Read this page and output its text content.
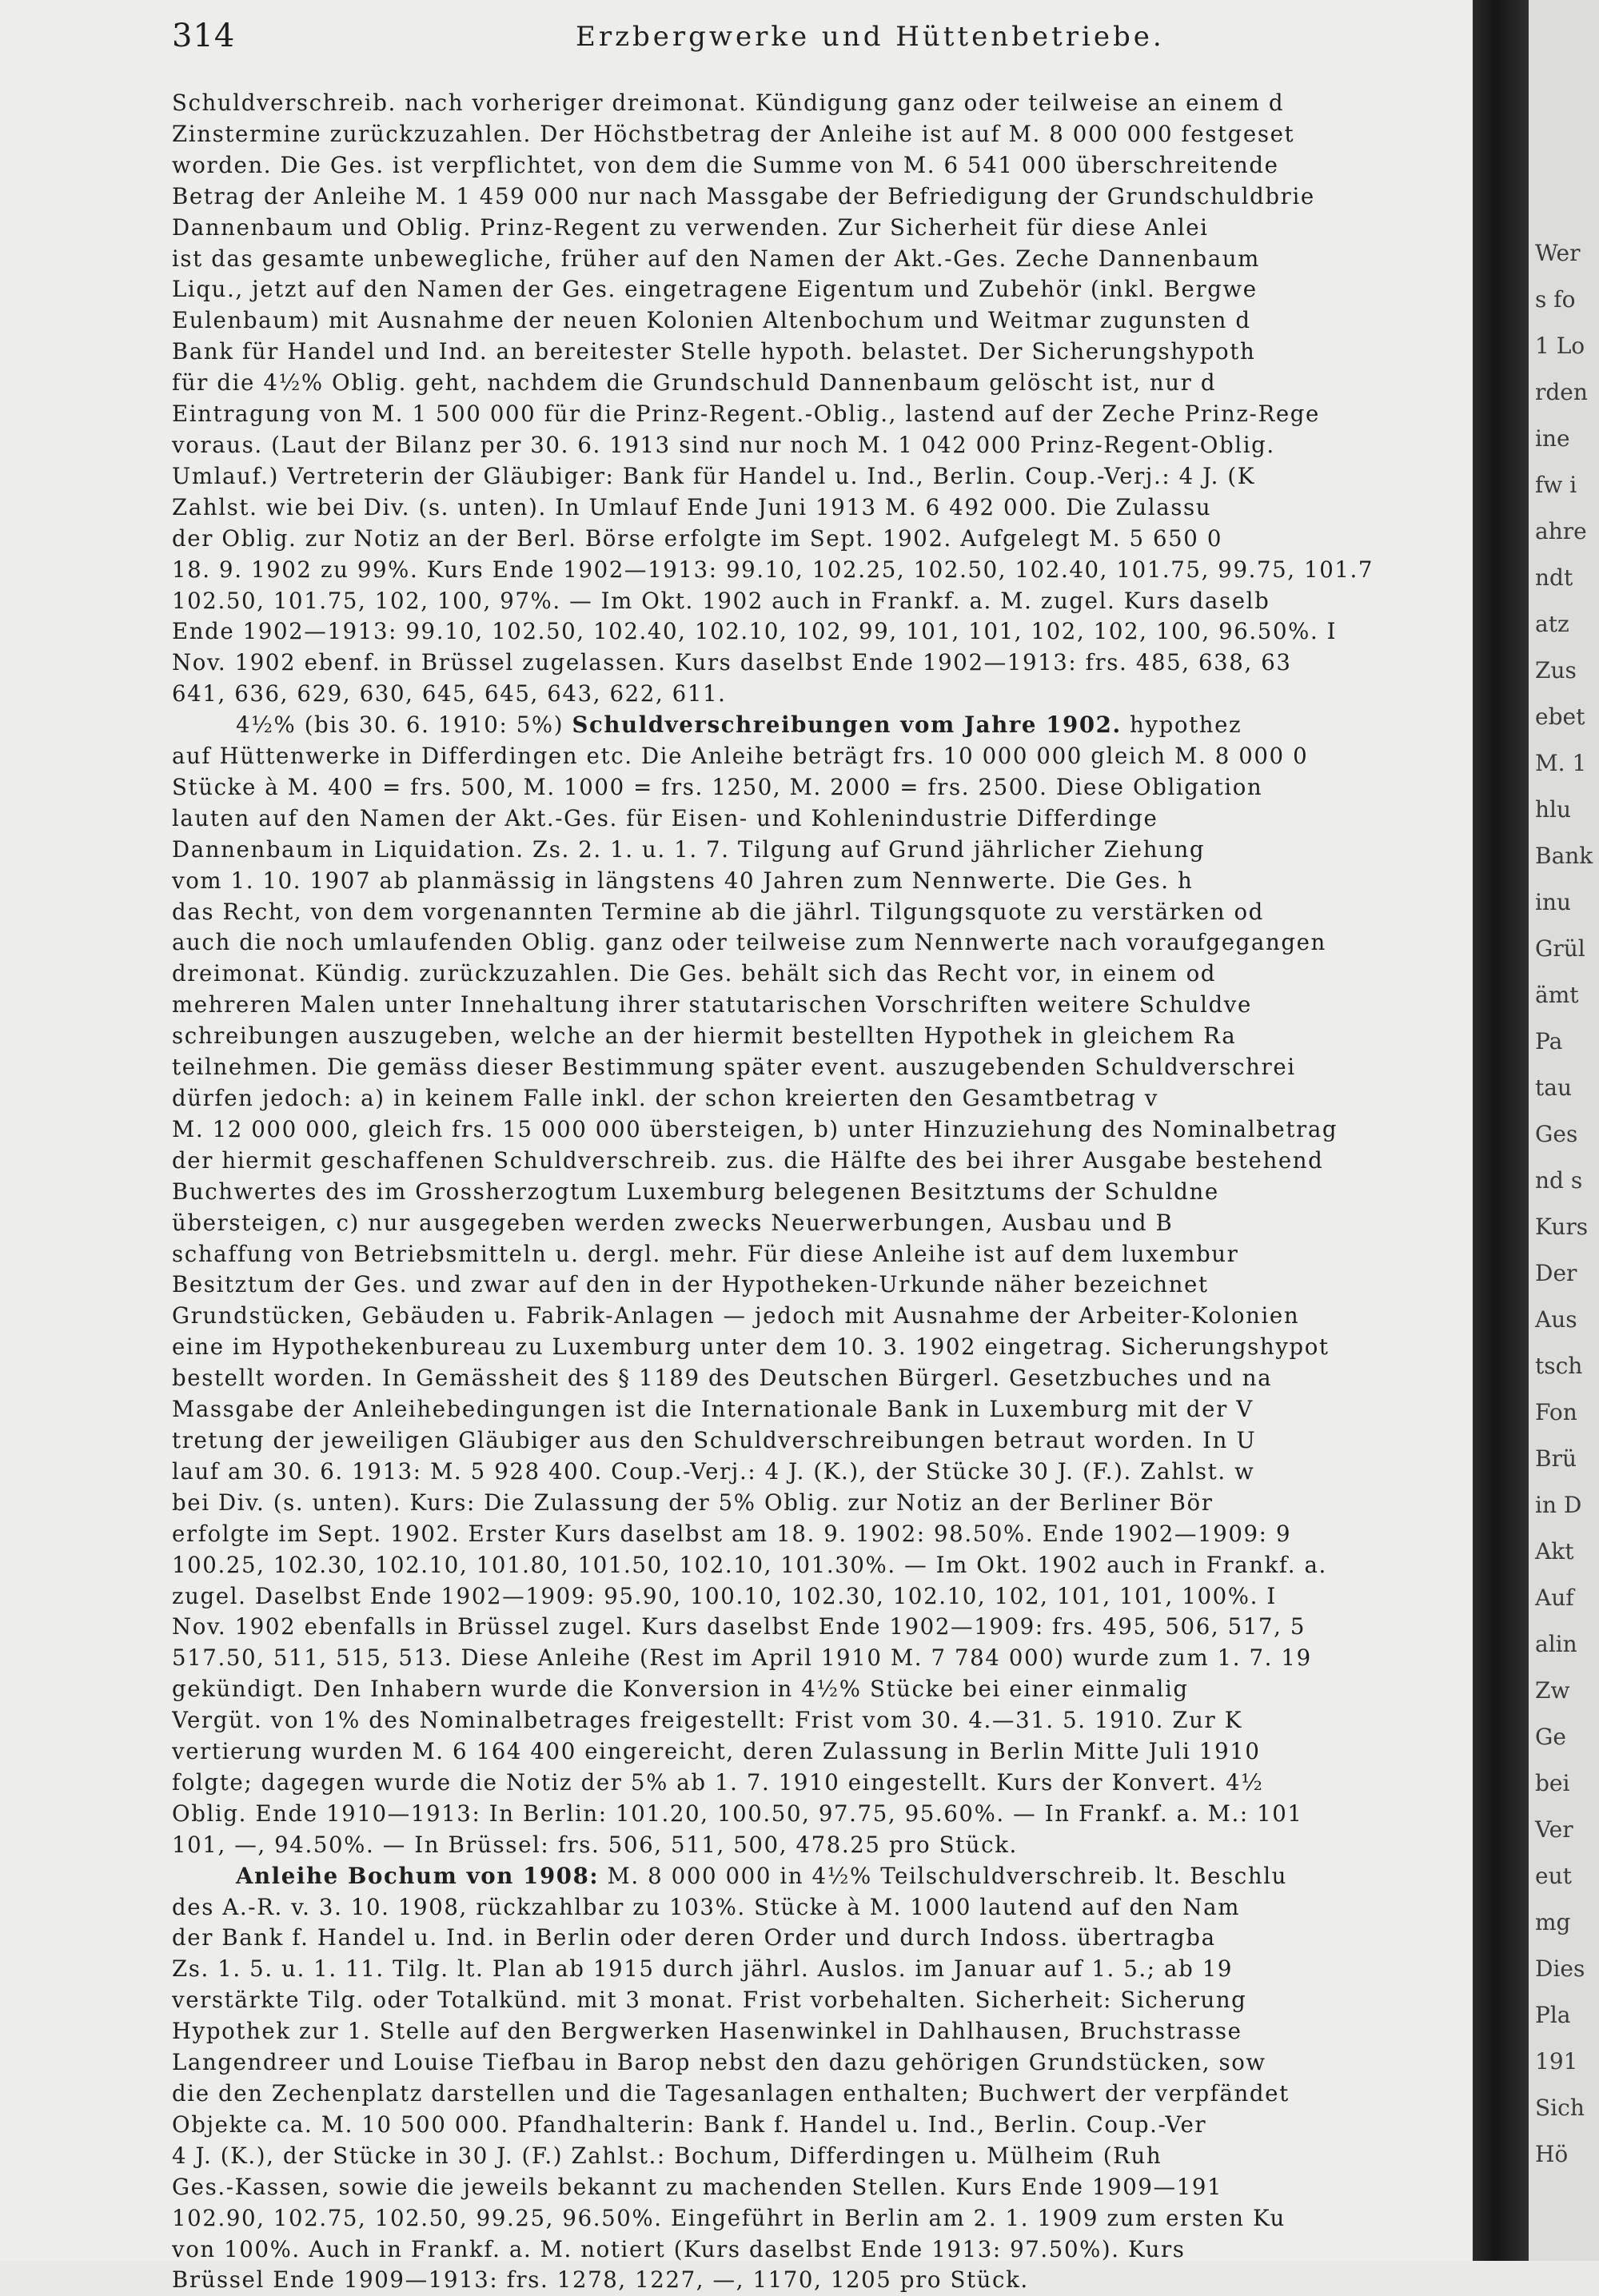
314	Erzbergwerke und Hüttenbetriebe.
Schuldverschreib. nach vorheriger dreimonat. Kündigung ganz oder teilweise an einem d
Zinstermine zurückzuzahlen. Der Höchstbetrag der Anleihe ist auf M. 8 000 000 festgeset
worden. Die Ges. ist verpflichtet, von dem die Summe von M. 6 541 000 überschreitende
Betrag der Anleihe M. 1 459 000 nur nach Massgabe der Befriedigung der Grundschuldbrie
Dannenbaum und Oblig. Prinz-Regent zu verwenden. Zur Sicherheit für diese Anlei
ist das gesamte unbewegliche, früher auf den Namen der Akt.-Ges. Zeche Dannenbaum
Liqu., jetzt auf den Namen der Ges. eingetragene Eigentum und Zubehör (inkl. Bergwe
Eulenbaum) mit Ausnahme der neuen Kolonien Altenbochum und Weitmar zugunsten d
Bank für Handel und Ind. an bereitester Stelle hypoth. belastet. Der Sicherungshypoth
für die 4½% Oblig. geht, nachdem die Grundschuld Dannenbaum gelöscht ist, nur d
Eintragung von M. 1 500 000 für die Prinz-Regent.-Oblig., lastend auf der Zeche Prinz-Rege
voraus. (Laut der Bilanz per 30. 6. 1913 sind nur noch M. 1 042 000 Prinz-Regent-Oblig.
Umlauf.) Vertreterin der Gläubiger: Bank für Handel u. Ind., Berlin. Coup.-Verj.: 4 J. (K
Zahlst. wie bei Div. (s. unten). In Umlauf Ende Juni 1913 M. 6 492 000. Die Zulassu
der Oblig. zur Notiz an der Berl. Börse erfolgte im Sept. 1902. Aufgelegt M. 5 650 0
18. 9. 1902 zu 99%. Kurs Ende 1902—1913: 99.10, 102.25, 102.50, 102.40, 101.75, 99.75, 101.7
102.50, 101.75, 102, 100, 97%. — Im Okt. 1902 auch in Frankf. a. M. zugel. Kurs daselb
Ende 1902—1913: 99.10, 102.50, 102.40, 102.10, 102, 99, 101, 101, 102, 102, 100, 96.50%. I
Nov. 1902 ebenf. in Brüssel zugelassen. Kurs daselbst Ende 1902—1913: frs. 485, 638, 63
641, 636, 629, 630, 645, 645, 643, 622, 611.
4½% (bis 30. 6. 1910: 5%) Schuldverschreibungen vom Jahre 1902. hypothez
auf Hüttenwerke in Differdingen etc. Die Anleihe beträgt frs. 10 000 000 gleich M. 8 000 0
Stücke à M. 400 = frs. 500, M. 1000 = frs. 1250, M. 2000 = frs. 2500. Diese Obligation
lauten auf den Namen der Akt.-Ges. für Eisen- und Kohlenindustrie Differdinge
Dannenbaum in Liquidation. Zs. 2. 1. u. 1. 7. Tilgung auf Grund jährlicher Ziehung
vom 1. 10. 1907 ab planmässig in längstens 40 Jahren zum Nennwerte. Die Ges. h
das Recht, von dem vorgenannten Termine ab die jährl. Tilgungsquote zu verstärken od
auch die noch umlaufenden Oblig. ganz oder teilweise zum Nennwerte nach voraufgegangen
dreimonat. Kündig. zurückzuzahlen. Die Ges. behält sich das Recht vor, in einem od
mehreren Malen unter Innehaltung ihrer statutarischen Vorschriften weitere Schuldve
schreibungen auszugeben, welche an der hiermit bestellten Hypothek in gleichem Ra
teilnehmen. Die gemäss dieser Bestimmung später event. auszugebenden Schuldverschrei
dürfen jedoch: a) in keinem Falle inkl. der schon kreierten den Gesamtbetrag v
M. 12 000 000, gleich frs. 15 000 000 übersteigen, b) unter Hinzuziehung des Nominalbetrag
der hiermit geschaffenen Schuldverschreib. zus. die Hälfte des bei ihrer Ausgabe bestehend
Buchwertes des im Grossherzogtum Luxemburg belegenen Besitztums der Schuldne
übersteigen, c) nur ausgegeben werden zwecks Neuerwerbungen, Ausbau und B
schaffung von Betriebsmitteln u. dergl. mehr. Für diese Anleihe ist auf dem luxembur
Besitztum der Ges. und zwar auf den in der Hypotheken-Urkunde näher bezeichnet
Grundstücken, Gebäuden u. Fabrik-Anlagen — jedoch mit Ausnahme der Arbeiter-Kolonien
eine im Hypothekenbureau zu Luxemburg unter dem 10. 3. 1902 eingetrag. Sicherungshypot
bestellt worden. In Gemässheit des § 1189 des Deutschen Bürgerl. Gesetzbuches und na
Massgabe der Anleihebedingungen ist die Internationale Bank in Luxemburg mit der V
tretung der jeweiligen Gläubiger aus den Schuldverschreibungen betraut worden. In U
lauf am 30. 6. 1913: M. 5 928 400. Coup.-Verj.: 4 J. (K.), der Stücke 30 J. (F.). Zahlst. w
bei Div. (s. unten). Kurs: Die Zulassung der 5% Oblig. zur Notiz an der Berliner Bör
erfolgte im Sept. 1902. Erster Kurs daselbst am 18. 9. 1902: 98.50%. Ende 1902—1909: 9
100.25, 102.30, 102.10, 101.80, 101.50, 102.10, 101.30%. — Im Okt. 1902 auch in Frankf. a.
zugel. Daselbst Ende 1902—1909: 95.90, 100.10, 102.30, 102.10, 102, 101, 101, 100%. I
Nov. 1902 ebenfalls in Brüssel zugel. Kurs daselbst Ende 1902—1909: frs. 495, 506, 517, 5
517.50, 511, 515, 513. Diese Anleihe (Rest im April 1910 M. 7 784 000) wurde zum 1. 7. 19
gekündigt. Den Inhabern wurde die Konversion in 4½% Stücke bei einer einmalig
Vergüt. von 1% des Nominalbetrages freigestellt: Frist vom 30. 4.—31. 5. 1910. Zur K
vertierung wurden M. 6 164 400 eingereicht, deren Zulassung in Berlin Mitte Juli 1910
folgte; dagegen wurde die Notiz der 5% ab 1. 7. 1910 eingestellt. Kurs der Konvert. 4½
Oblig. Ende 1910—1913: In Berlin: 101.20, 100.50, 97.75, 95.60%. — In Frankf. a. M.: 101
101, —, 94.50%. — In Brüssel: frs. 506, 511, 500, 478.25 pro Stück.
Anleihe Bochum von 1908: M. 8 000 000 in 4½% Teilschuldverschreib. lt. Beschlu
des A.-R. v. 3. 10. 1908, rückzahlbar zu 103%. Stücke à M. 1000 lautend auf den Nam
der Bank f. Handel u. Ind. in Berlin oder deren Order und durch Indoss. übertragba
Zs. 1. 5. u. 1. 11. Tilg. lt. Plan ab 1915 durch jährl. Auslos. im Januar auf 1. 5.; ab 19
verstärkte Tilg. oder Totalkünd. mit 3 monat. Frist vorbehalten. Sicherheit: Sicherung
Hypothek zur 1. Stelle auf den Bergwerken Hasenwinkel in Dahlhausen, Bruchstrasse
Langendreer und Louise Tiefbau in Barop nebst den dazu gehörigen Grundstücken, sow
die den Zechenplatz darstellen und die Tagesanlagen enthalten; Buchwert der verpfändet
Objekte ca. M. 10 500 000. Pfandhalterin: Bank f. Handel u. Ind., Berlin. Coup.-Ver
4 J. (K.), der Stücke in 30 J. (F.) Zahlst.: Bochum, Differdingen u. Mülheim (Ruh
Ges.-Kassen, sowie die jeweils bekannt zu machenden Stellen. Kurs Ende 1909—191
102.90, 102.75, 102.50, 99.25, 96.50%. Eingeführt in Berlin am 2. 1. 1909 zum ersten Ku
von 100%. Auch in Frankf. a. M. notiert (Kurs daselbst Ende 1913: 97.50%). Kurs
Brüssel Ende 1909—1913: frs. 1278, 1227, —, 1170, 1205 pro Stück.
Wer
s fo
1 Lo
rden
ine
fw i
ahre
ndt
atz
Zus
ebet
M. 1
hlu
Bank
inu
Grül
ämt
Pa
tau
Ges
nd s
Kurs
Der
Aus
tsch
Fon
Brü
in D
Akt
Auf
alin
Zw
Ge
bei
Ver
eut
mg
Dies
Pla
191
Sich
Hö
